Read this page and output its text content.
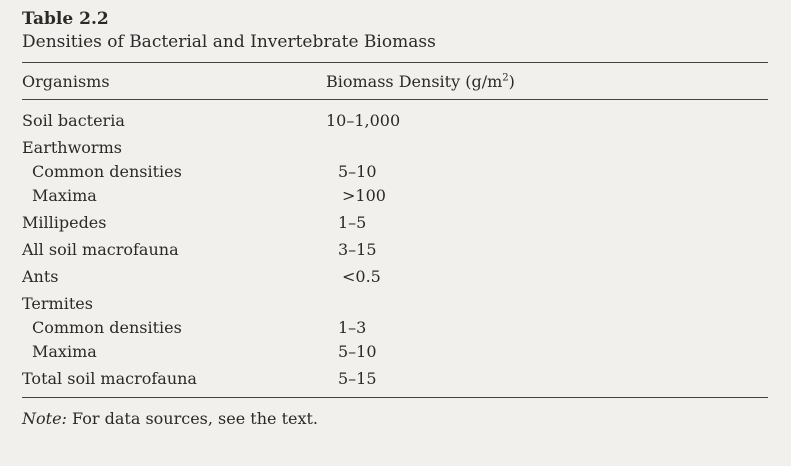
Table 2.2
Densities of Bacterial and Invertebrate Biomass
Organisms	Biomass Density $(g/m^2)$
Soil bacteria	10–1,000
Earthworms
Common densities	5–10
Maxima	>100
Millipedes	1–5
All soil macrofauna	3–15
Ants	<0.5
Termites
Common densities	1–3
Maxima	5–10
Total soil macrofauna	5–15
Note: For data sources, see the text.
